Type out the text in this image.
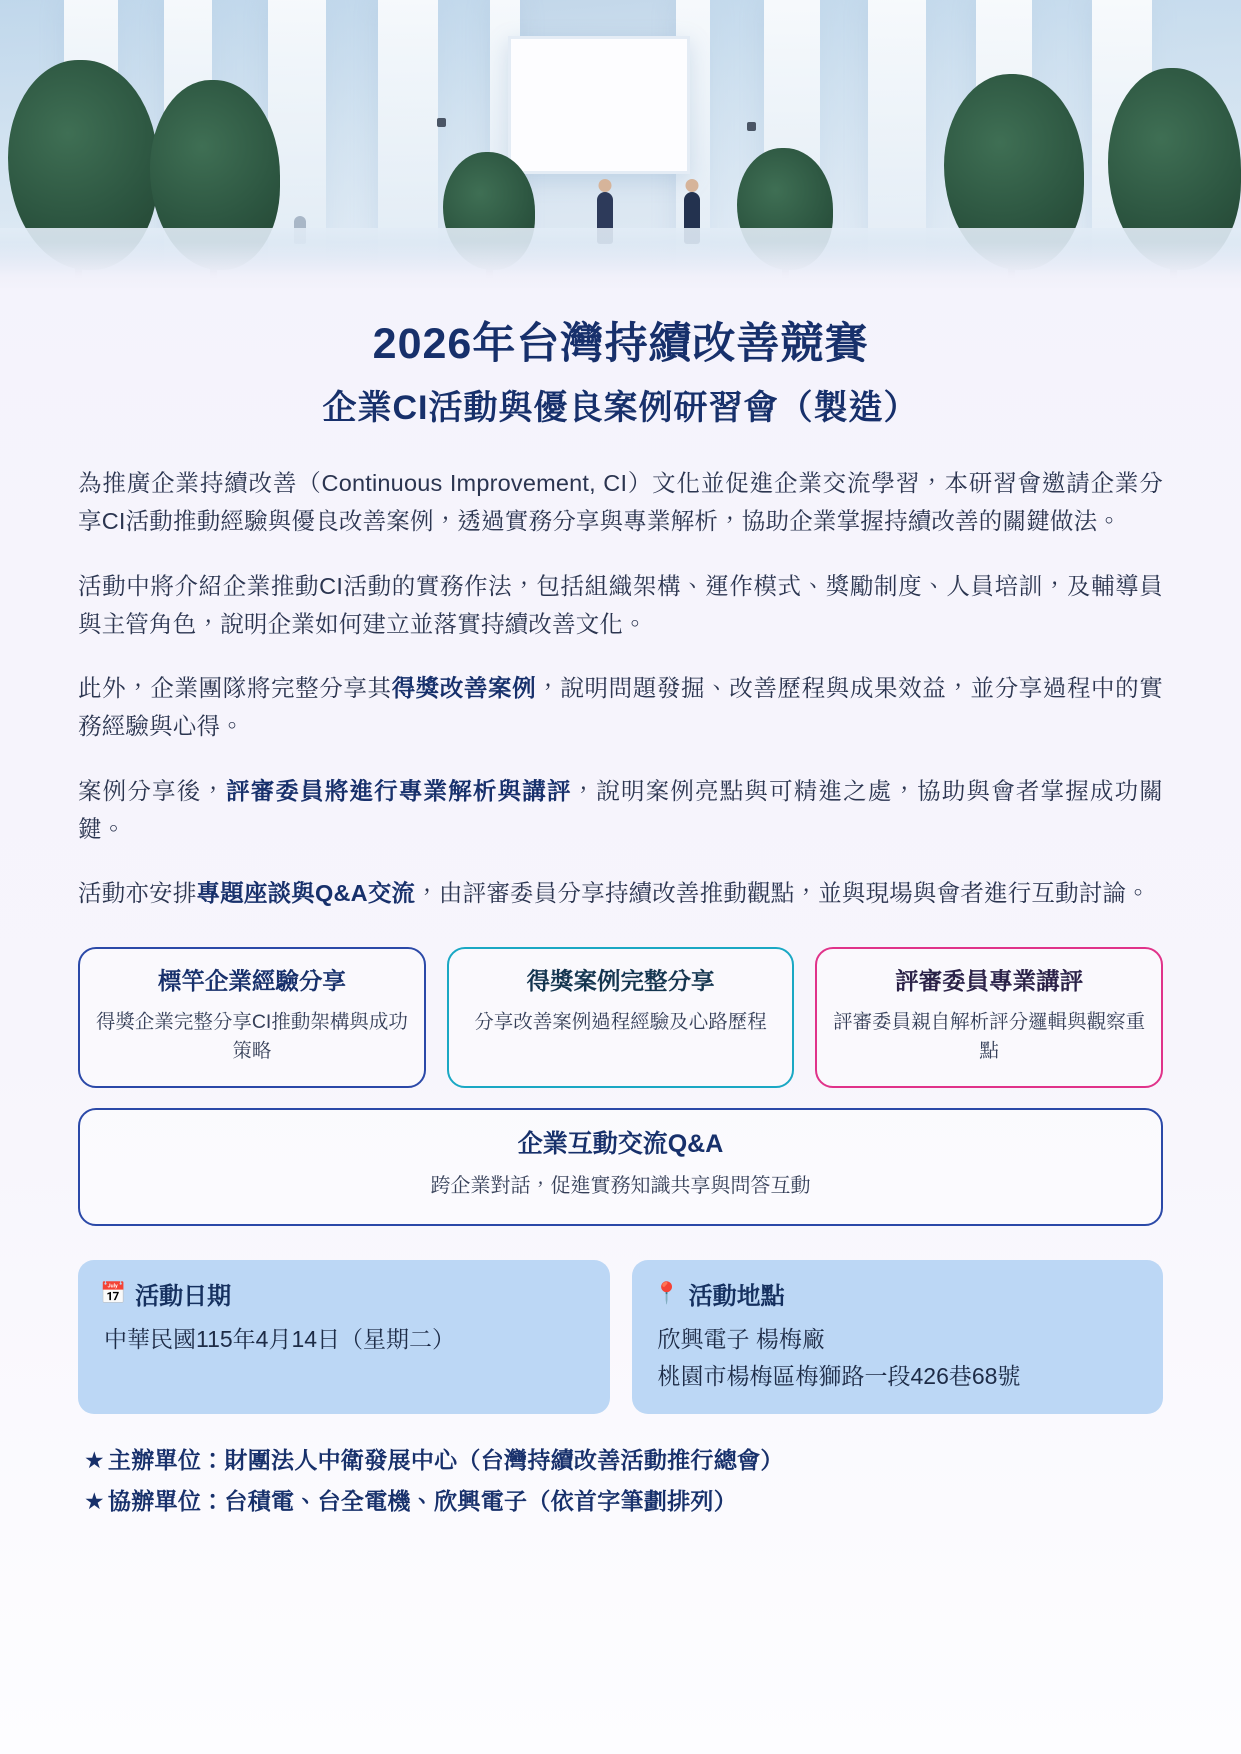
2026年台灣持續改善競賽
企業CI活動與優良案例研習會（製造）

為推廣企業持續改善（Continuous Improvement, CI）文化並促進企業交流學習，本研習會邀請企業分享CI活動推動經驗與優良改善案例，透過實務分享與專業解析，協助企業掌握持續改善的關鍵做法。

活動中將介紹企業推動CI活動的實務作法，包括組織架構、運作模式、獎勵制度、人員培訓，及輔導員與主管角色，說明企業如何建立並落實持續改善文化。

此外，企業團隊將完整分享其得獎改善案例，說明問題發掘、改善歷程與成果效益，並分享過程中的實務經驗與心得。

案例分享後，評審委員將進行專業解析與講評，說明案例亮點與可精進之處，協助與會者掌握成功關鍵。

活動亦安排專題座談與Q&A交流，由評審委員分享持續改善推動觀點，並與現場與會者進行互動討論。

標竿企業經驗分享
得獎企業完整分享CI推動架構與成功策略
得獎案例完整分享
分享改善案例過程經驗及心路歷程
評審委員專業講評
評審委員親自解析評分邏輯與觀察重點
企業互動交流Q&A
跨企業對話，促進實務知識共享與問答互動
📅 活動日期
中華民國115年4月14日（星期二）
📍 活動地點
欣興電子 楊梅廠
桃園市楊梅區梅獅路一段426巷68號
★ 主辦單位：財團法人中衛發展中心（台灣持續改善活動推行總會）
★ 協辦單位：台積電、台全電機、欣興電子（依首字筆劃排列）
